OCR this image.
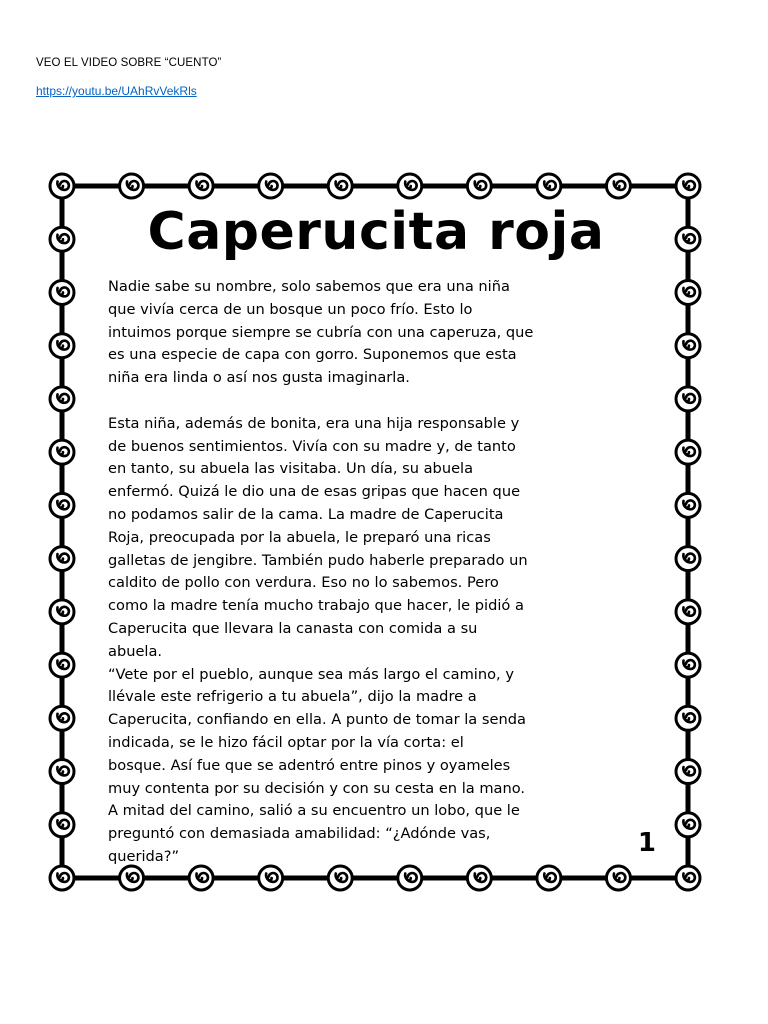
VEO EL VIDEO SOBRE “CUENTO”
https://youtu.be/UAhRvVekRls
Caperucita roja

Nadie sabe su nombre, solo sabemos que era una niña
que vivía cerca de un bosque un poco frío. Esto lo
intuimos porque siempre se cubría con una caperuza, que
es una especie de capa con gorro. Suponemos que esta
niña era linda o así nos gusta imaginarla.

Esta niña, además de bonita, era una hija responsable y
de buenos sentimientos. Vivía con su madre y, de tanto
en tanto, su abuela las visitaba. Un día, su abuela
enfermó. Quizá le dio una de esas gripas que hacen que
no podamos salir de la cama. La madre de Caperucita
Roja, preocupada por la abuela, le preparó una ricas
galletas de jengibre. También pudo haberle preparado un
caldito de pollo con verdura. Eso no lo sabemos. Pero
como la madre tenía mucho trabajo que hacer, le pidió a
Caperucita que llevara la canasta con comida a su
abuela.
“Vete por el pueblo, aunque sea más largo el camino, y
llévale este refrigerio a tu abuela”, dijo la madre a
Caperucita, confiando en ella. A punto de tomar la senda
indicada, se le hizo fácil optar por la vía corta: el
bosque. Así fue que se adentró entre pinos y oyameles
muy contenta por su decisión y con su cesta en la mano.
A mitad del camino, salió a su encuentro un lobo, que le
preguntó con demasiada amabilidad: “¿Adónde vas,
querida?”	1
